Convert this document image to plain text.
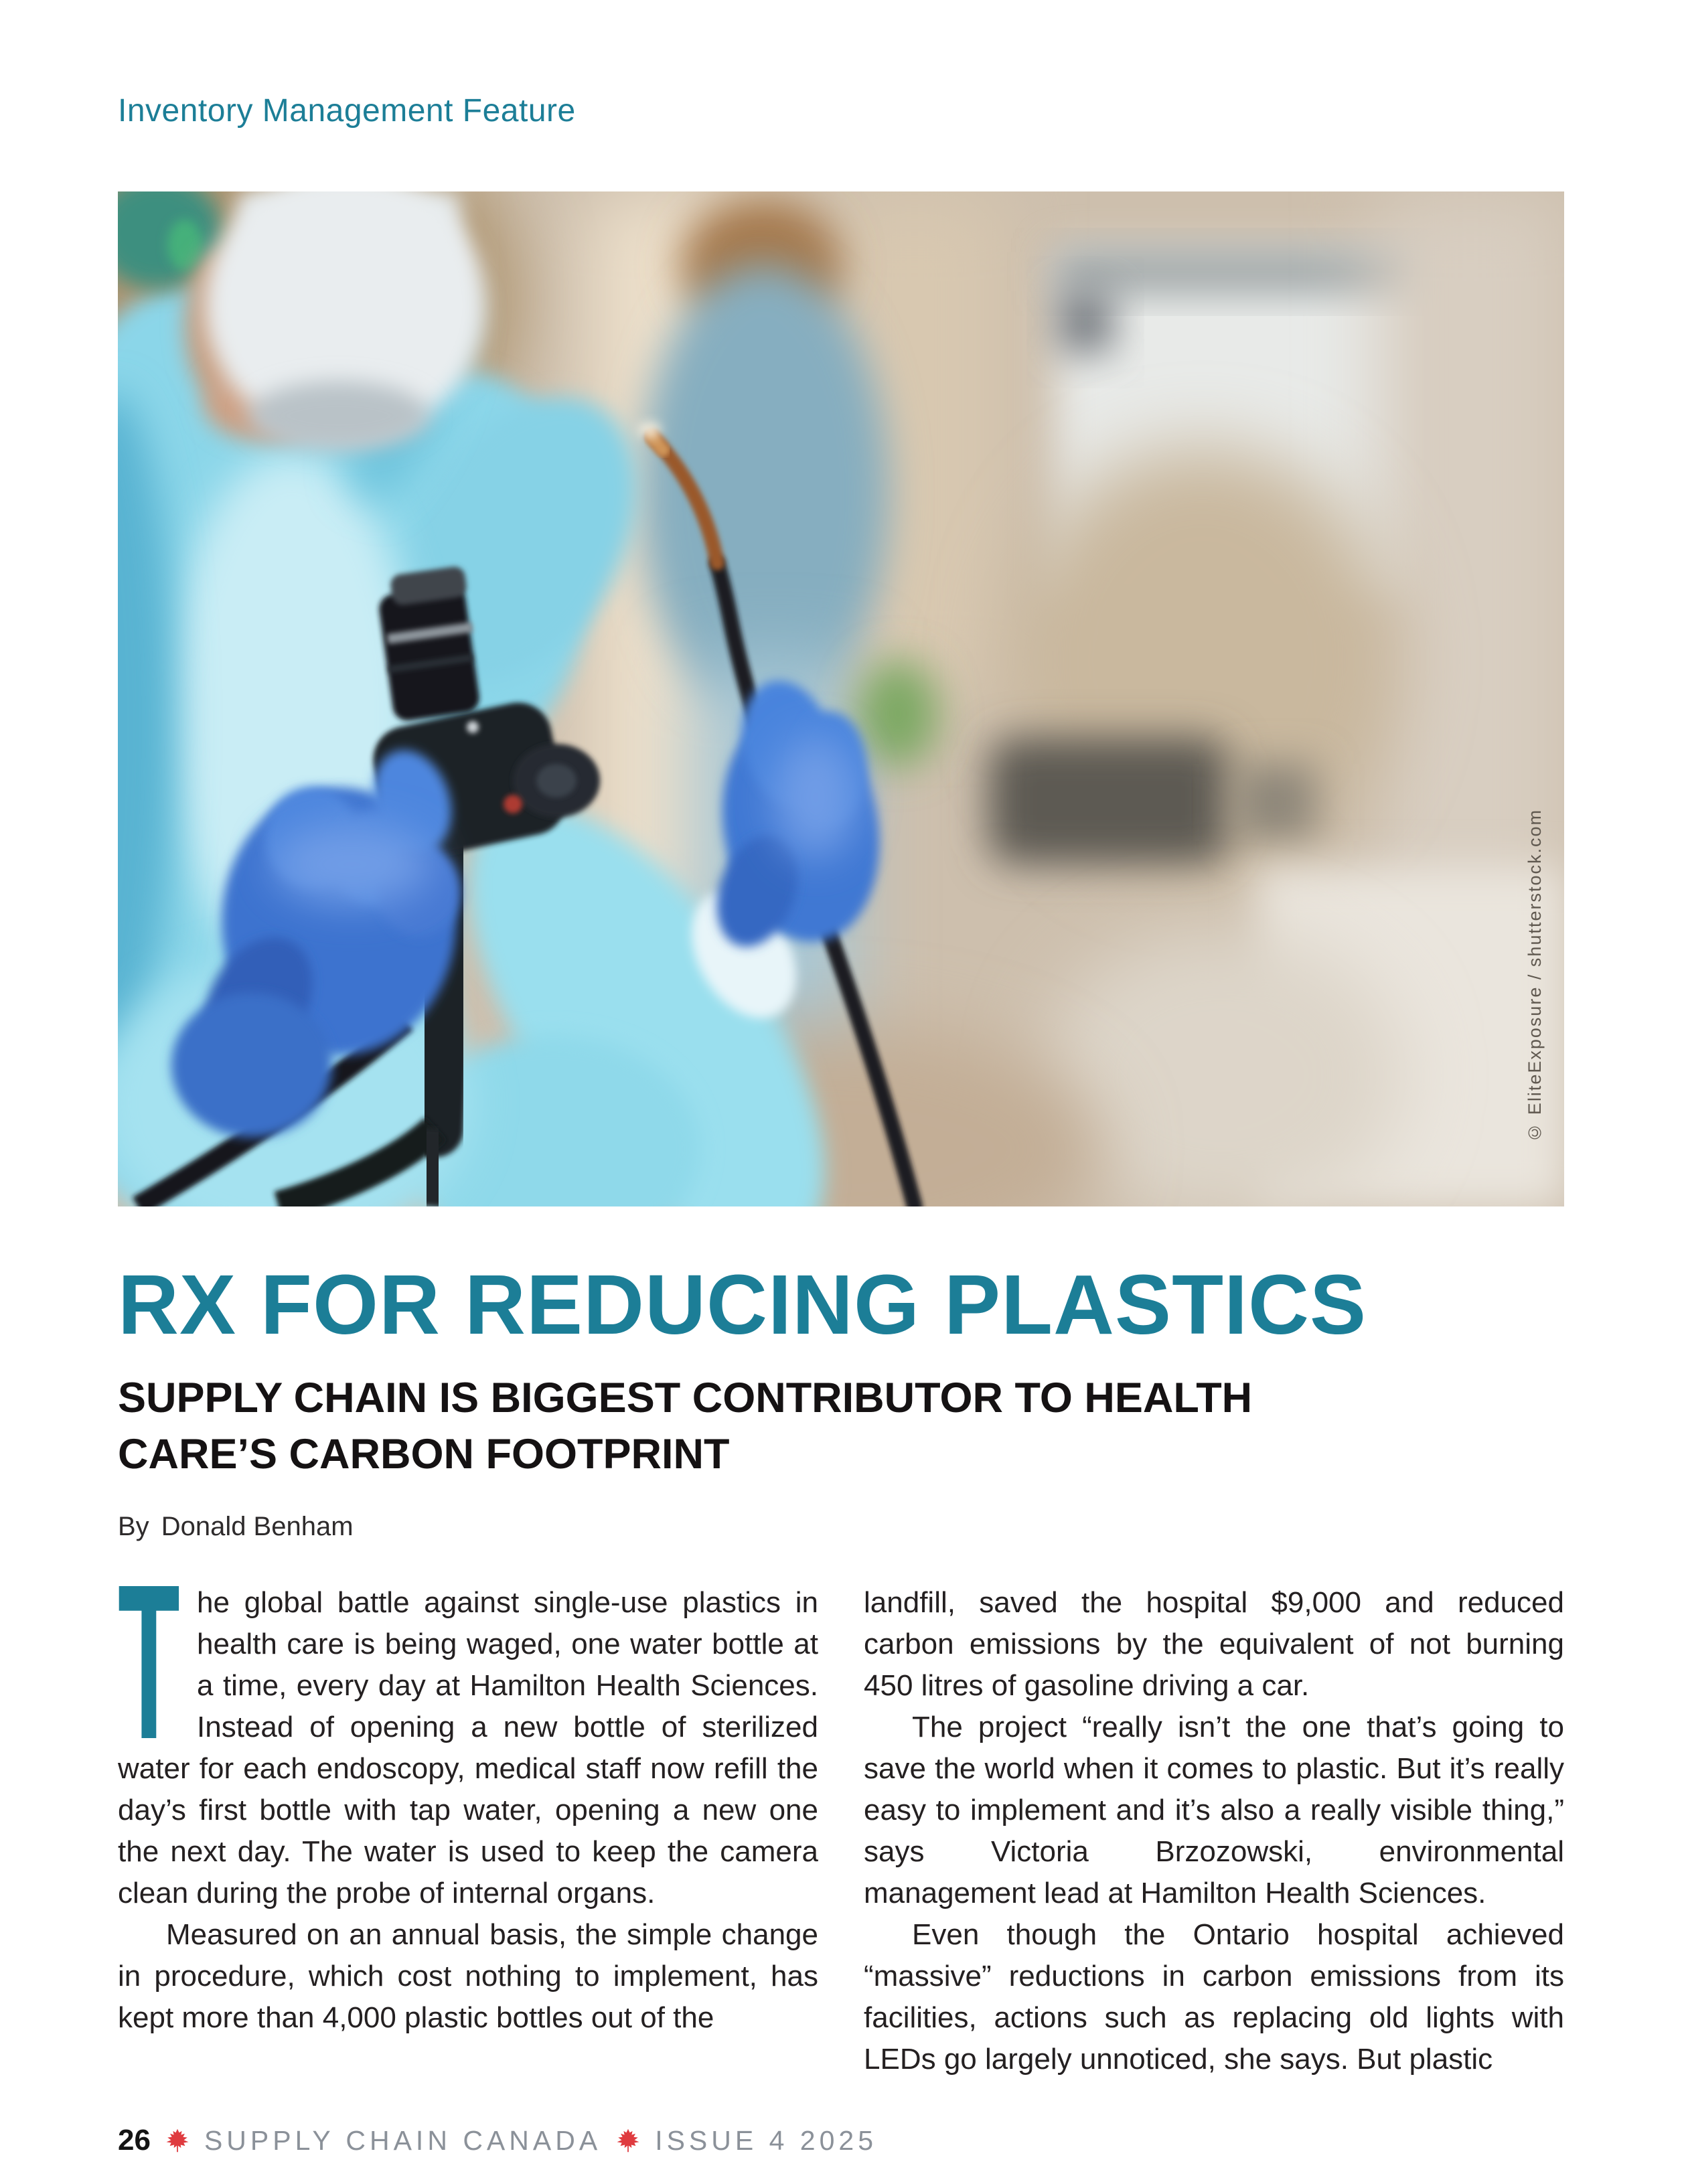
Inventory Management Feature
© EliteExposure / shutterstock.com
RX FOR REDUCING PLASTICS
SUPPLY CHAIN IS BIGGEST CONTRIBUTOR TO HEALTH
CARE’S CARBON FOOTPRINT
By Donald Benham

T he global battle against single-use plastics in health care is being waged, one water bottle at a time, every day at Hamilton Health Sciences. Instead of opening a new bottle of sterilized water for each endoscopy, medical staff now refill the day’s first bottle with tap water, opening a new one the next day. The water is used to keep the camera clean during the probe of internal organs.

Measured on an annual basis, the simple change in procedure, which cost nothing to implement, has kept more than 4,000 plastic bottles out of the

landfill, saved the hospital $9,000 and reduced carbon emissions by the equivalent of not burning 450 litres of gasoline driving a car.

The project “really isn’t the one that’s going to save the world when it comes to plastic. But it’s really easy to implement and it’s also a really visible thing,” says Victoria Brzozowski, environmental management lead at Hamilton Health Sciences.

Even though the Ontario hospital achieved “massive” reductions in carbon emissions from its facilities, actions such as replacing old lights with LEDs go largely unnoticed, she says. But plastic

26 SUPPLY CHAIN CANADA ISSUE 4 2025
